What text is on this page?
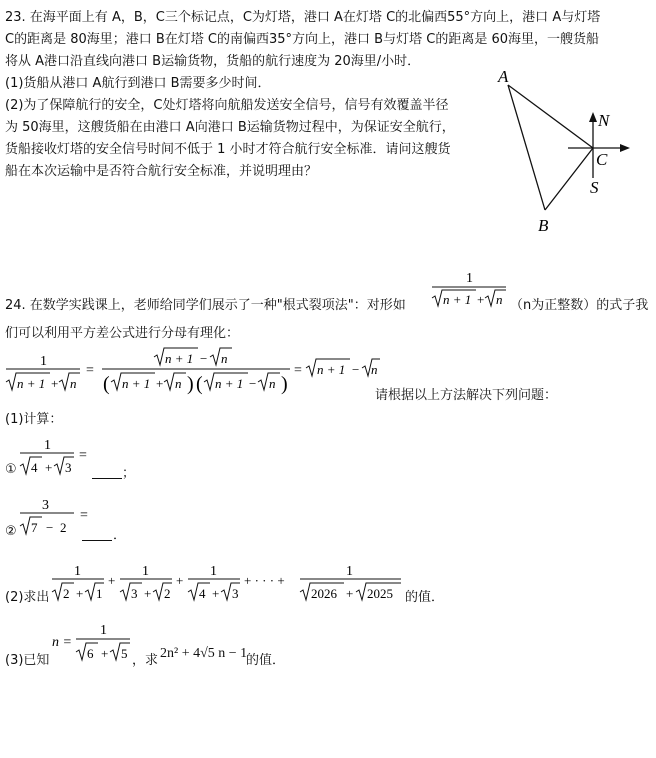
23. 在海平面上有 A，B，C三个标记点，C为灯塔，港口 A在灯塔 C的北偏西55°方向上，港口 A与灯塔
C的距离是 80海里；港口 B在灯塔 C的南偏西35°方向上，港口 B与灯塔 C的距离是 60海里，一艘货船
将从 A港口沿直线向港口 B运输货物，货船的航行速度为 20海里/小时．
(1)货船从港口 A航行到港口 B需要多少时间．
(2)为了保障航行的安全，C处灯塔将向航船发送安全信号，信号有效覆盖半径
为 50海里，这艘货船在由港口 A向港口 B运输货物过程中，为保证安全航行，
货船接收灯塔的安全信号时间不低于 1 小时才符合航行安全标准．请问这艘货
船在本次运输中是否符合航行安全标准，并说明理由？
A
B
C
N
S
24. 在数学实践课上，老师给同学们展示了一种"根式裂项法"：对形如
1
n + 1 + n （n为正整数）的式子我
们可以利用平方差公式进行分母有理化：
1
n + 1 + n
=
n + 1 − n
( n + 1 + n ) ( n + 1 − n )
= n + 1 − n
请根据以上方法解决下列问题：
(1)计算：
①
1
4 + 3
=
；
②
3
7 − 2
=
．
(2)求出
1
2 + 1
+
1
3 + 2
+
1
4 + 3
+ · · · +
1
2026 + 2025 的值．
(3)已知
n =
1
6 + 5 ，求 2n² + 4√5 n − 1
的值．
